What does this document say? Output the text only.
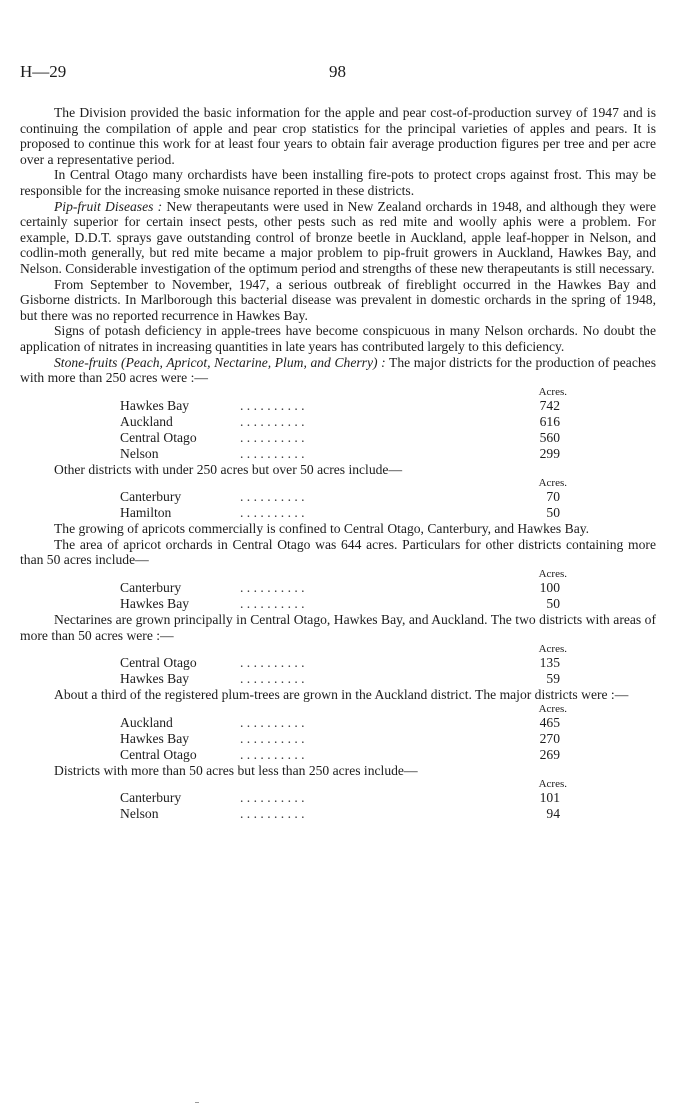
H—29	98

The Division provided the basic information for the apple and pear cost-of-production survey of 1947 and is continuing the compilation of apple and pear crop statistics for the principal varieties of apples and pears. It is proposed to continue this work for at least four years to obtain fair average production figures per tree and per acre over a representative period.

In Central Otago many orchardists have been installing fire-pots to protect crops against frost. This may be responsible for the increasing smoke nuisance reported in these districts.

Pip-fruit Diseases : New therapeutants were used in New Zealand orchards in 1948, and although they were certainly superior for certain insect pests, other pests such as red mite and woolly aphis were a problem. For example, D.D.T. sprays gave outstanding control of bronze beetle in Auckland, apple leaf-hopper in Nelson, and codlin-moth generally, but red mite became a major problem to pip-fruit growers in Auckland, Hawkes Bay, and Nelson. Considerable investigation of the optimum period and strengths of these new therapeutants is still necessary.

From September to November, 1947, a serious outbreak of fireblight occurred in the Hawkes Bay and Gisborne districts. In Marlborough this bacterial disease was prevalent in domestic orchards in the spring of 1948, but there was no reported recurrence in Hawkes Bay.

Signs of potash deficiency in apple-trees have become conspicuous in many Nelson orchards. No doubt the application of nitrates in increasing quantities in late years has contributed largely to this deficiency.

Stone-fruits (Peach, Apricot, Nectarine, Plum, and Cherry) : The major districts for the production of peaches with more than 250 acres were :—

Acres.
Hawkes Bay	. . . . . . . . . .	742
Auckland	. . . . . . . . . .	616
Central Otago	. . . . . . . . . .	560
Nelson	. . . . . . . . . .	299

Other districts with under 250 acres but over 50 acres include—

Acres.
Canterbury	. . . . . . . . . .	70
Hamilton	. . . . . . . . . .	50

The growing of apricots commercially is confined to Central Otago, Canterbury, and Hawkes Bay.

The area of apricot orchards in Central Otago was 644 acres. Particulars for other districts containing more than 50 acres include—

Acres.
Canterbury	. . . . . . . . . .	100
Hawkes Bay	. . . . . . . . . .	50

Nectarines are grown principally in Central Otago, Hawkes Bay, and Auckland. The two districts with areas of more than 50 acres were :—

Acres.
Central Otago	. . . . . . . . . .	135
Hawkes Bay	. . . . . . . . . .	59

About a third of the registered plum-trees are grown in the Auckland district. The major districts were :—

Acres.
Auckland	. . . . . . . . . .	465
Hawkes Bay	. . . . . . . . . .	270
Central Otago	. . . . . . . . . .	269

Districts with more than 50 acres but less than 250 acres include—

Acres.
Canterbury	. . . . . . . . . .	101
Nelson	. . . . . . . . . .	94
